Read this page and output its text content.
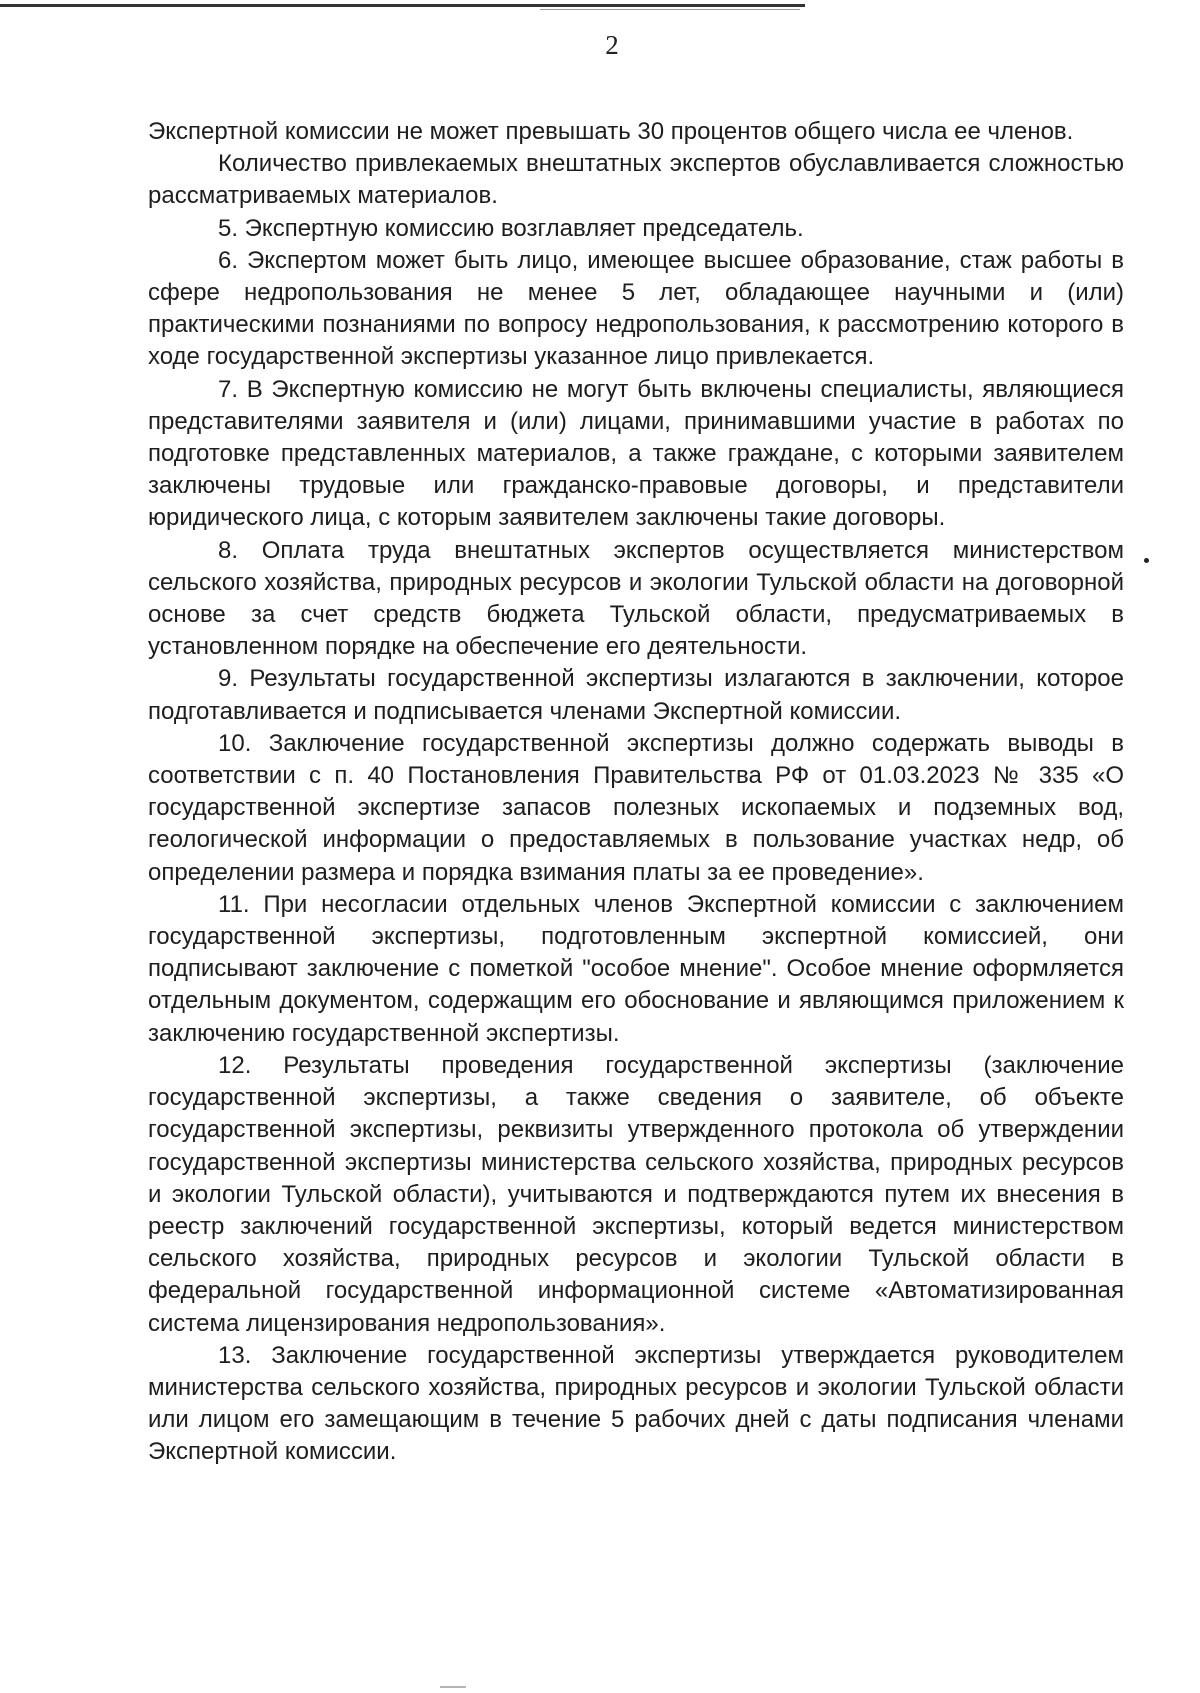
2

Экспертной комиссии не может превышать 30 процентов общего числа ее членов.

Количество привлекаемых внештатных экспертов обуславливается сложностью рассматриваемых материалов.

5. Экспертную комиссию возглавляет председатель.

6. Экспертом может быть лицо, имеющее высшее образование, стаж работы в сфере недропользования не менее 5 лет, обладающее научными и (или) практическими познаниями по вопросу недропользования, к рассмотрению которого в ходе государственной экспертизы указанное лицо привлекается.

7. В Экспертную комиссию не могут быть включены специалисты, являющиеся представителями заявителя и (или) лицами, принимавшими участие в работах по подготовке представленных материалов, а также граждане, с которыми заявителем заключены трудовые или гражданско-правовые договоры, и представители юридического лица, с которым заявителем заключены такие договоры.

8. Оплата труда внештатных экспертов осуществляется министерством сельского хозяйства, природных ресурсов и экологии Тульской области на договорной основе за счет средств бюджета Тульской области, предусматриваемых в установленном порядке на обеспечение его деятельности.

9. Результаты государственной экспертизы излагаются в заключении, которое подготавливается и подписывается членами Экспертной комиссии.

10. Заключение государственной экспертизы должно содержать выводы в соответствии с п. 40 Постановления Правительства РФ от 01.03.2023 № 335 «О государственной экспертизе запасов полезных ископаемых и подземных вод, геологической информации о предоставляемых в пользование участках недр, об определении размера и порядка взимания платы за ее проведение».

11. При несогласии отдельных членов Экспертной комиссии с заключением государственной экспертизы, подготовленным экспертной комиссией, они подписывают заключение с пометкой "особое мнение". Особое мнение оформляется отдельным документом, содержащим его обоснование и являющимся приложением к заключению государственной экспертизы.

12. Результаты проведения государственной экспертизы (заключение государственной экспертизы, а также сведения о заявителе, об объекте государственной экспертизы, реквизиты утвержденного протокола об утверждении государственной экспертизы министерства сельского хозяйства, природных ресурсов и экологии Тульской области), учитываются и подтверждаются путем их внесения в реестр заключений государственной экспертизы, который ведется министерством сельского хозяйства, природных ресурсов и экологии Тульской области в федеральной государственной информационной системе «Автоматизированная система лицензирования недропользования».

13. Заключение государственной экспертизы утверждается руководителем министерства сельского хозяйства, природных ресурсов и экологии Тульской области или лицом его замещающим в течение 5 рабочих дней с даты подписания членами Экспертной комиссии.
